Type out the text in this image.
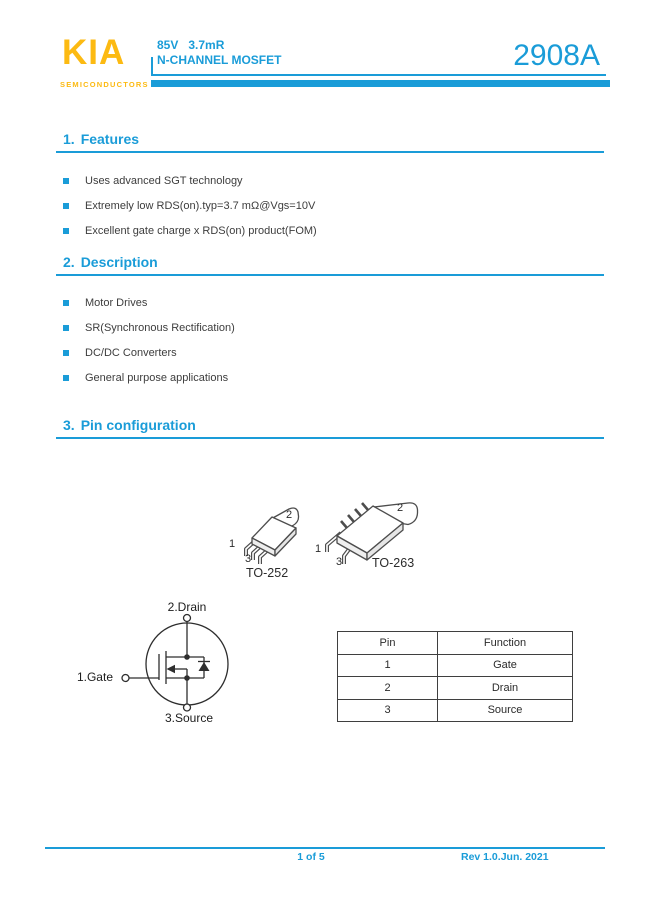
KIA
SEMICONDUCTORS
85V   3.7mR
N-CHANNEL MOSFET	2908A
1. Features
Uses advanced SGT technology
Extremely low RDS(on).typ=3.7 mΩ@Vgs=10V
Excellent gate charge x RDS(on) product(FOM)
2. Description
Motor Drives
SR(Synchronous Rectification)
DC/DC Converters
General purpose applications
3. Pin configuration
1
2
3
TO-252
1
2
3 TO-263
2.Drain
1.Gate
3.Source
Pin	Function
1	Gate
2	Drain
3	Source
1 of 5	Rev 1.0.Jun. 2021
